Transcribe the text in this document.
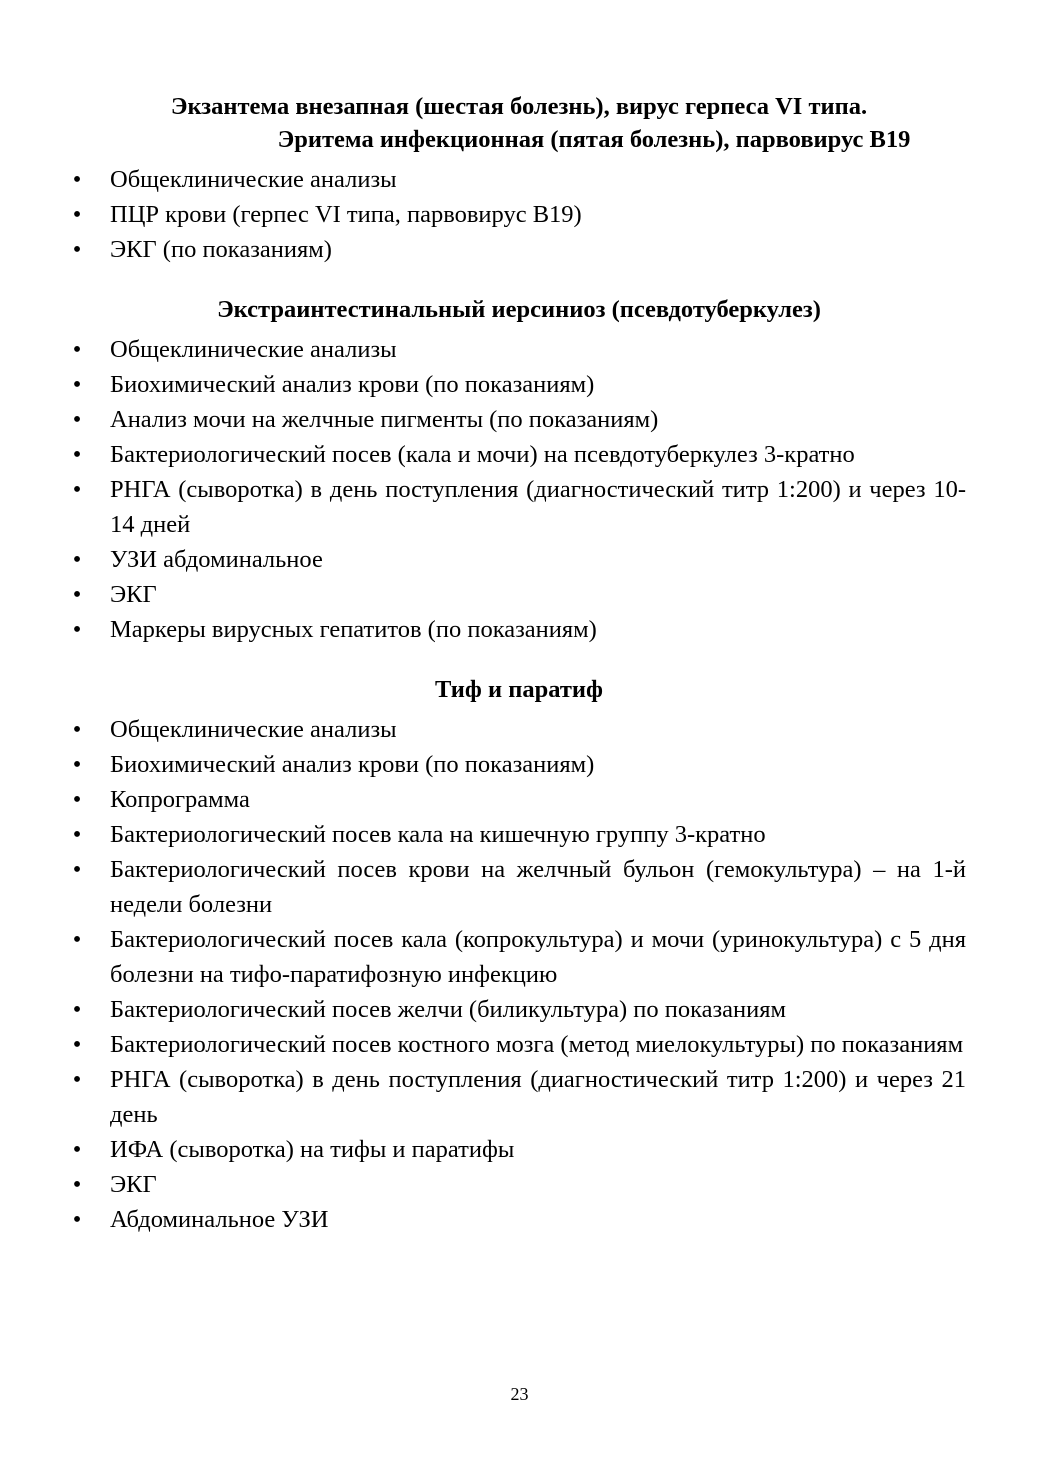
Экзантема внезапная (шестая болезнь), вирус герпеса VI типа.
Эритема инфекционная (пятая болезнь), парвовирус B19
• Общеклинические анализы
• ПЦР крови (герпес VI типа, парвовирус B19)
• ЭКГ (по показаниям)
Экстраинтестинальный иерсиниоз (псевдотуберкулез)
• Общеклинические анализы
• Биохимический анализ крови (по показаниям)
• Анализ мочи на желчные пигменты (по показаниям)
• Бактериологический посев (кала и мочи) на псевдотуберкулез 3-кратно
• РНГА (сыворотка) в день поступления (диагностический титр 1:200) и через 10-14 дней
• УЗИ абдоминальное
• ЭКГ
• Маркеры вирусных гепатитов (по показаниям)
Тиф и паратиф
• Общеклинические анализы
• Биохимический анализ крови (по показаниям)
• Копрограмма
• Бактериологический посев кала на кишечную группу 3-кратно
• Бактериологический посев крови на желчный бульон (гемокультура) – на 1-й недели болезни
• Бактериологический посев кала (копрокультура) и мочи (уринокультура) с 5 дня болезни на тифо-паратифозную инфекцию
• Бактериологический посев желчи (биликультура) по показаниям
• Бактериологический посев костного мозга (метод миелокультуры) по показаниям
• РНГА (сыворотка) в день поступления (диагностический титр 1:200) и через 21 день
• ИФА (сыворотка) на тифы и паратифы
• ЭКГ
• Абдоминальное УЗИ
23
